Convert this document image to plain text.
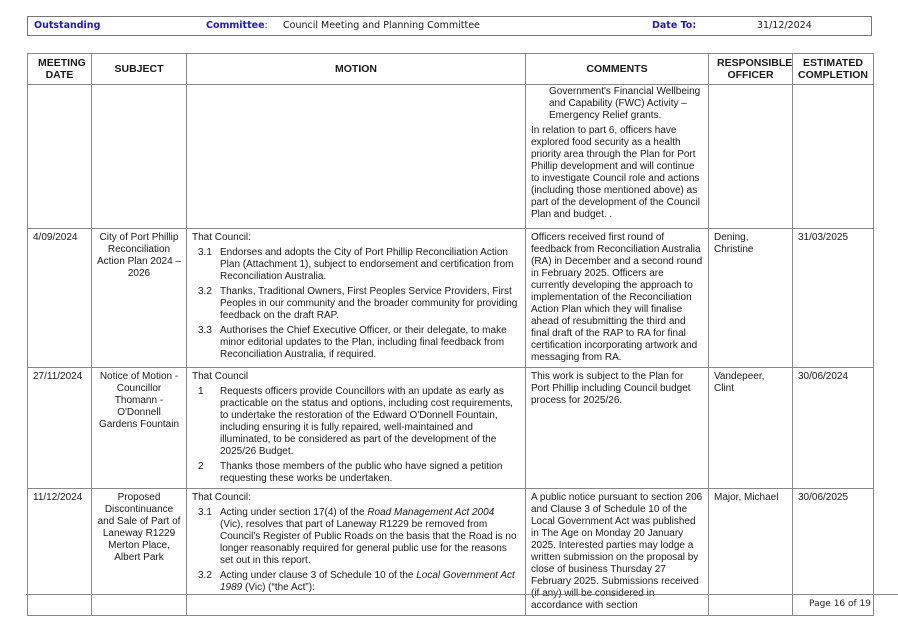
Outstanding	Committee: Council Meeting and Planning Committee	Date To:	31/12/2024
MEETING DATE	SUBJECT	MOTION	COMMENTS	RESPONSIBLE OFFICER	ESTIMATED COMPLETION

			Government's Financial Wellbeing and Capability (FWC) Activity – Emergency Relief grants.
In relation to part 6, officers have explored food security as a health priority area through the Plan for Port Phillip development and will continue to investigate Council role and actions (including those mentioned above) as part of the development of the Council Plan and budget. .		

4/09/2024	City of Port Phillip Reconciliation Action Plan 2024 – 2026	
That Council:
3.1 Endorses and adopts the City of Port Phillip Reconciliation Action Plan (Attachment 1), subject to endorsement and certification from Reconciliation Australia.
3.2 Thanks, Traditional Owners, First Peoples Service Providers, First Peoples in our community and the broader community for providing feedback on the draft RAP.
3.3 Authorises the Chief Executive Officer, or their delegate, to make minor editorial updates to the Plan, including final feedback from Reconciliation Australia, if required.
	Officers received first round of feedback from Reconciliation Australia (RA) in December and a second round in February 2025. Officers are currently developing the approach to implementation of the Reconciliation Action Plan which they will finalise ahead of resubmitting the third and final draft of the RAP to RA for final certification incorporating artwork and messaging from RA.	Dening, Christine	31/03/2025
27/11/2024	Notice of Motion - Councillor Thomann - O'Donnell Gardens Fountain	That Council
1 Requests officers provide Councillors with an update as early as practicable on the status and options, including cost requirements, to undertake the restoration of the Edward O'Donnell Fountain, including ensuring it is fully repaired, well-maintained and illuminated, to be considered as part of the development of the 2025/26 Budget.
2 Thanks those members of the public who have signed a petition requesting these works be undertaken.	This work is subject to the Plan for Port Phillip including Council budget process for 2025/26.	Vandepeer, Clint	30/06/2024
11/12/2024	Proposed Discontinuance and Sale of Part of Laneway R1229 Merton Place, Albert Park	
That Council:
3.1 Acting under section 17(4) of the Road Management Act 2004 (Vic), resolves that part of Laneway R1229 be removed from Council's Register of Public Roads on the basis that the Road is no longer reasonably required for general public use for the reasons set out in this report.
3.2 Acting under clause 3 of Schedule 10 of the Local Government Act 1989 (Vic) (“the Act”):
	A public notice pursuant to section 206 and Clause 3 of Schedule 10 of the Local Government Act was published in The Age on Monday 20 January 2025. Interested parties may lodge a written submission on the proposal by close of business Thursday 27 February 2025. Submissions received (if any) will be considered in accordance with section	Major, Michael	30/06/2025
Page 16 of 19
